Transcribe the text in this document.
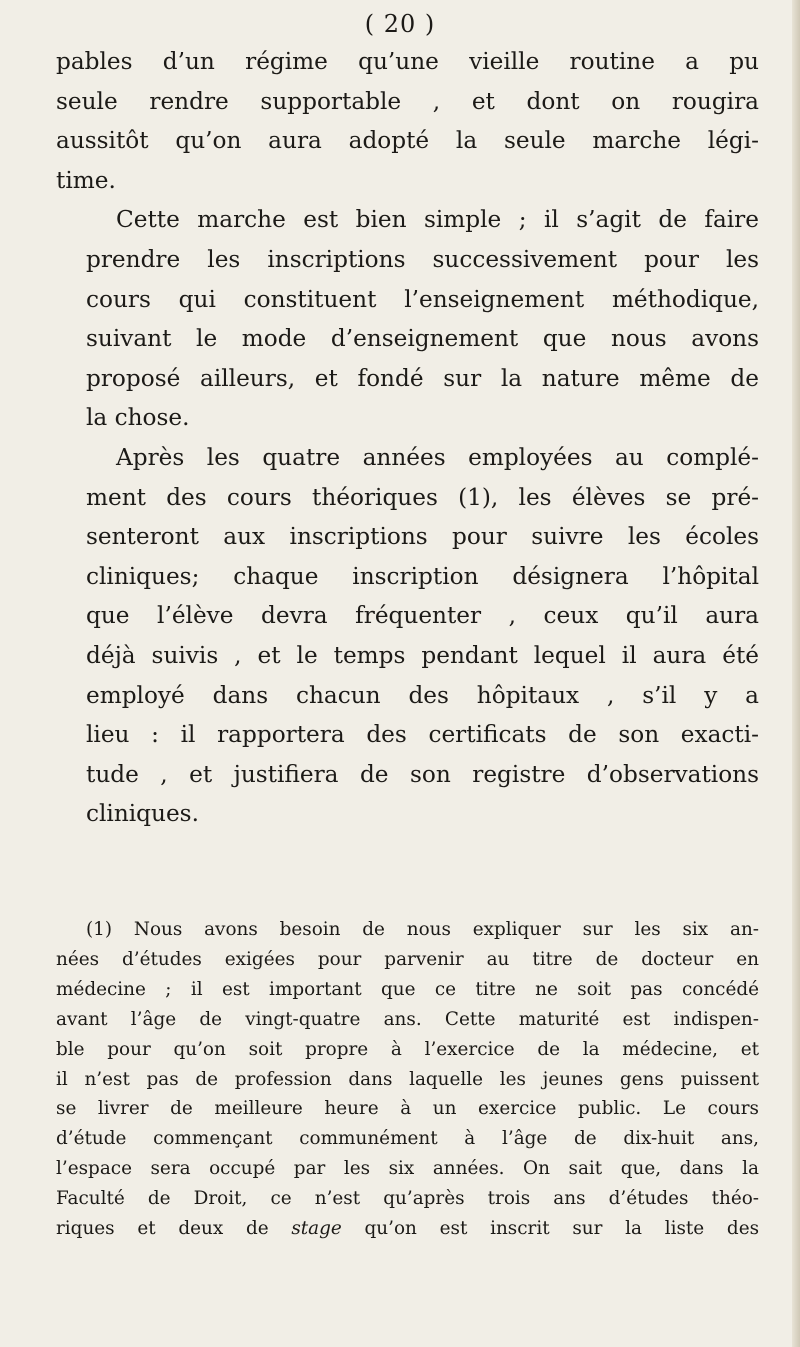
( 20 )

pables d’un régime qu’une vieille routine a pu
seule rendre supportable , et dont on rougira
aussitôt qu’on aura adopté la seule marche légi-
time.

Cette marche est bien simple ; il s’agit de faire
prendre les inscriptions successivement pour les
cours qui constituent l’enseignement méthodique,
suivant le mode d’enseignement que nous avons
proposé ailleurs, et fondé sur la nature même de
la chose.

Après les quatre années employées au complé-
ment des cours théoriques (1), les élèves se pré-
senteront aux inscriptions pour suivre les écoles
cliniques; chaque inscription désignera l’hôpital
que l’élève devra fréquenter , ceux qu’il aura
déjà suivis , et le temps pendant lequel il aura été
employé dans chacun des hôpitaux , s’il y a
lieu : il rapportera des certificats de son exacti-
tude , et justifiera de son registre d’observations
cliniques.

(1) Nous avons besoin de nous expliquer sur les six an-
nées d’études exigées pour parvenir au titre de docteur en
médecine ; il est important que ce titre ne soit pas concédé
avant l’âge de vingt-quatre ans. Cette maturité est indispen-
ble pour qu’on soit propre à l’exercice de la médecine, et
il n’est pas de profession dans laquelle les jeunes gens puissent
se livrer de meilleure heure à un exercice public. Le cours
d’étude commençant communément à l’âge de dix-huit ans,
l’espace sera occupé par les six années. On sait que, dans la
Faculté de Droit, ce n’est qu’après trois ans d’études théo-
riques et deux de stage qu’on est inscrit sur la liste des
